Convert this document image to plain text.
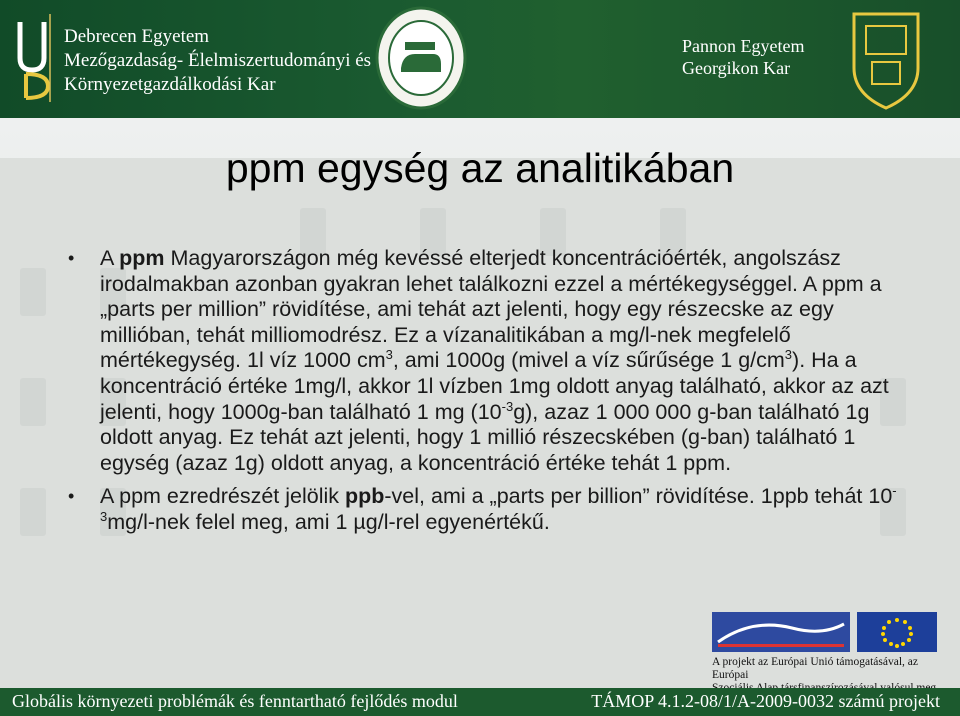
Debrecen Egyetem
Mezőgazdaság- Élelmiszertudományi és
Környezetgazdálkodási Kar
Pannon Egyetem
Georgikon Kar
ppm egység az analitikában
• A ppm Magyarországon még kevéssé elterjedt koncentrációérték, angolszász irodalmakban azonban gyakran lehet találkozni ezzel a mértékegységgel. A ppm a „parts per million” rövidítése, ami tehát azt jelenti, hogy egy részecske az egy millióban, tehát milliomodrész. Ez a vízanalitikában a mg/l-nek megfelelő mértékegység. 1l víz 1000 $cm^3$, ami 1000g (mivel a víz sűrűsége 1 $g/cm^3$). Ha a koncentráció értéke 1mg/l, akkor 1l vízben 1mg oldott anyag található, akkor az azt jelenti, hogy 1000g-ban található 1 mg $(10^{-3}g)$, azaz 1 000 000 g-ban található 1g oldott anyag. Ez tehát azt jelenti, hogy 1 millió részecskében (g-ban) található 1 egység (azaz 1g) oldott anyag, a koncentráció értéke tehát 1 ppm.
• A ppm ezredrészét jelölik ppb-vel, ami a „parts per billion” rövidítése. 1ppb tehát $10^{-3}mg/l$-nek felel meg, ami 1 µg/l-rel egyenértékű.
A projekt az Európai Unió támogatásával, az Európai
Globális környezeti problémák és fenntartható fejlődés modul	TÁMOP 4.1.2-08/1/A-2009-0032 számú projekt
